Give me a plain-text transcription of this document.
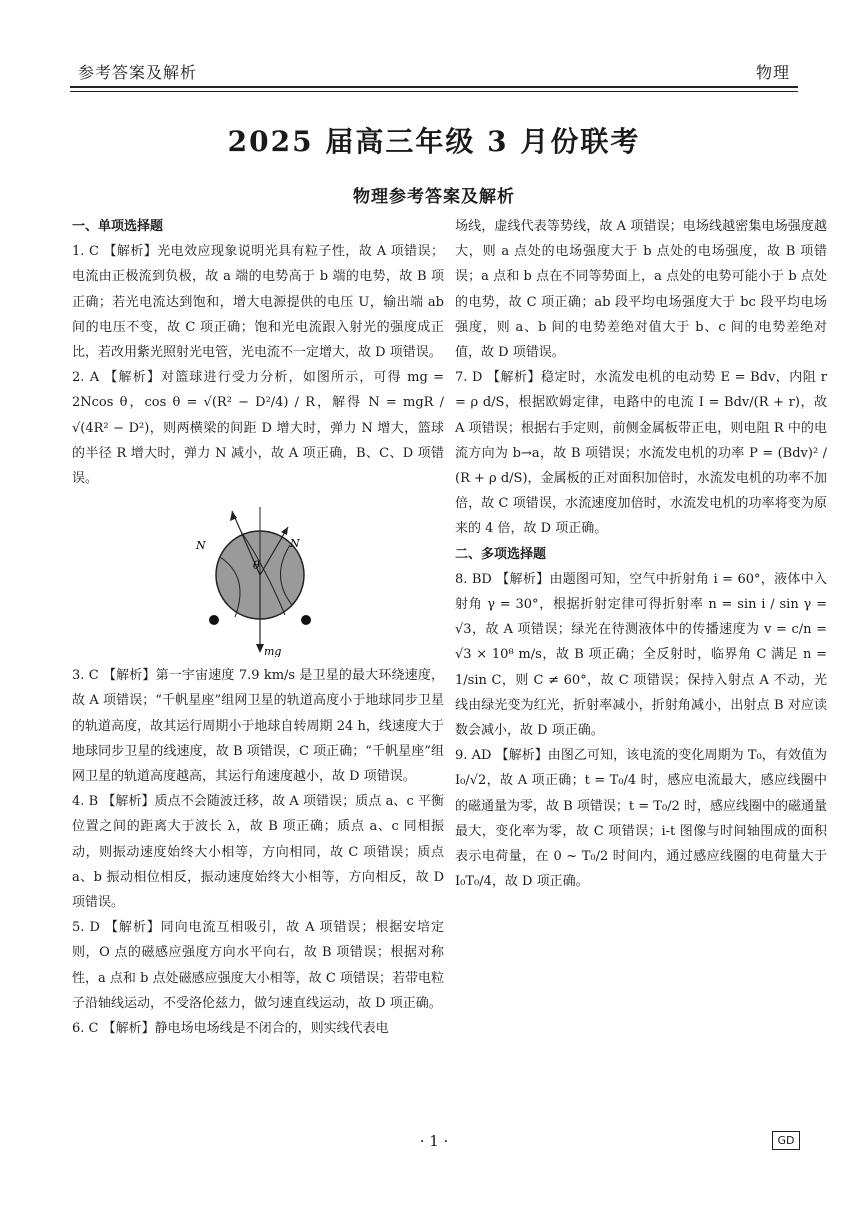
参考答案及解析	物理
2025 届高三年级 3 月份联考
物理参考答案及解析
一、单项选择题

1. C 【解析】光电效应现象说明光具有粒子性，故 A 项错误；电流由正极流到负极，故 a 端的电势高于 b 端的电势，故 B 项正确；若光电流达到饱和，增大电源提供的电压 U，输出端 ab 间的电压不变，故 C 项正确；饱和光电流跟入射光的强度成正比，若改用紫光照射光电管，光电流不一定增大，故 D 项错误。

2. A 【解析】对篮球进行受力分析，如图所示，可得 mg = 2Ncos θ，cos θ = √(R² − D²/4) / R，解得 N = mgR / √(4R² − D²)，则两横梁的间距 D 增大时，弹力 N 增大，篮球的半径 R 增大时，弹力 N 减小，故 A 项正确，B、C、D 项错误。

N	N
θ
mg

3. C 【解析】第一宇宙速度 7.9 km/s 是卫星的最大环绕速度，故 A 项错误；“千帆星座”组网卫星的轨道高度小于地球同步卫星的轨道高度，故其运行周期小于地球自转周期 24 h，线速度大于地球同步卫星的线速度，故 B 项错误，C 项正确；“千帆星座”组网卫星的轨道高度越高，其运行角速度越小，故 D 项错误。

4. B 【解析】质点不会随波迁移，故 A 项错误；质点 a、c 平衡位置之间的距离大于波长 λ，故 B 项正确；质点 a、c 同相振动，则振动速度始终大小相等，方向相同，故 C 项错误；质点 a、b 振动相位相反，振动速度始终大小相等，方向相反，故 D 项错误。

5. D 【解析】同向电流互相吸引，故 A 项错误；根据安培定则，O 点的磁感应强度方向水平向右，故 B 项错误；根据对称性，a 点和 b 点处磁感应强度大小相等，故 C 项错误；若带电粒子沿轴线运动，不受洛伦兹力，做匀速直线运动，故 D 项正确。

6. C 【解析】静电场电场线是不闭合的，则实线代表电

场线，虚线代表等势线，故 A 项错误；电场线越密集电场强度越大，则 a 点处的电场强度大于 b 点处的电场强度，故 B 项错误；a 点和 b 点在不同等势面上，a 点处的电势可能小于 b 点处的电势，故 C 项正确；ab 段平均电场强度大于 bc 段平均电场强度，则 a、b 间的电势差绝对值大于 b、c 间的电势差绝对值，故 D 项错误。

7. D 【解析】稳定时，水流发电机的电动势 E = Bdv，内阻 r = ρ d/S，根据欧姆定律，电路中的电流 I = Bdv/(R + r)，故 A 项错误；根据右手定则，前侧金属板带正电，则电阻 R 中的电流方向为 b→a，故 B 项错误；水流发电机的功率 P = (Bdv)² / (R + ρ d/S)，金属板的正对面积加倍时，水流发电机的功率不加倍，故 C 项错误，水流速度加倍时，水流发电机的功率将变为原来的 4 倍，故 D 项正确。

二、多项选择题

8. BD 【解析】由题图可知，空气中折射角 i = 60°，液体中入射角 γ = 30°，根据折射定律可得折射率 n = sin i / sin γ = √3，故 A 项错误；绿光在待测液体中的传播速度为 v = c/n = √3 × 10⁸ m/s，故 B 项正确；全反射时，临界角 C 满足 n = 1/sin C，则 C ≠ 60°，故 C 项错误；保持入射点 A 不动，光线由绿光变为红光，折射率减小，折射角减小，出射点 B 对应读数会减小，故 D 项正确。

9. AD 【解析】由图乙可知，该电流的变化周期为 T₀，有效值为 I₀/√2，故 A 项正确；t = T₀/4 时，感应电流最大，感应线圈中的磁通量为零，故 B 项错误；t = T₀/2 时，感应线圈中的磁通量最大，变化率为零，故 C 项错误；i-t 图像与时间轴围成的面积表示电荷量，在 0 ~ T₀/2 时间内，通过感应线圈的电荷量大于 I₀T₀/4，故 D 项正确。

· 1 ·	GD
